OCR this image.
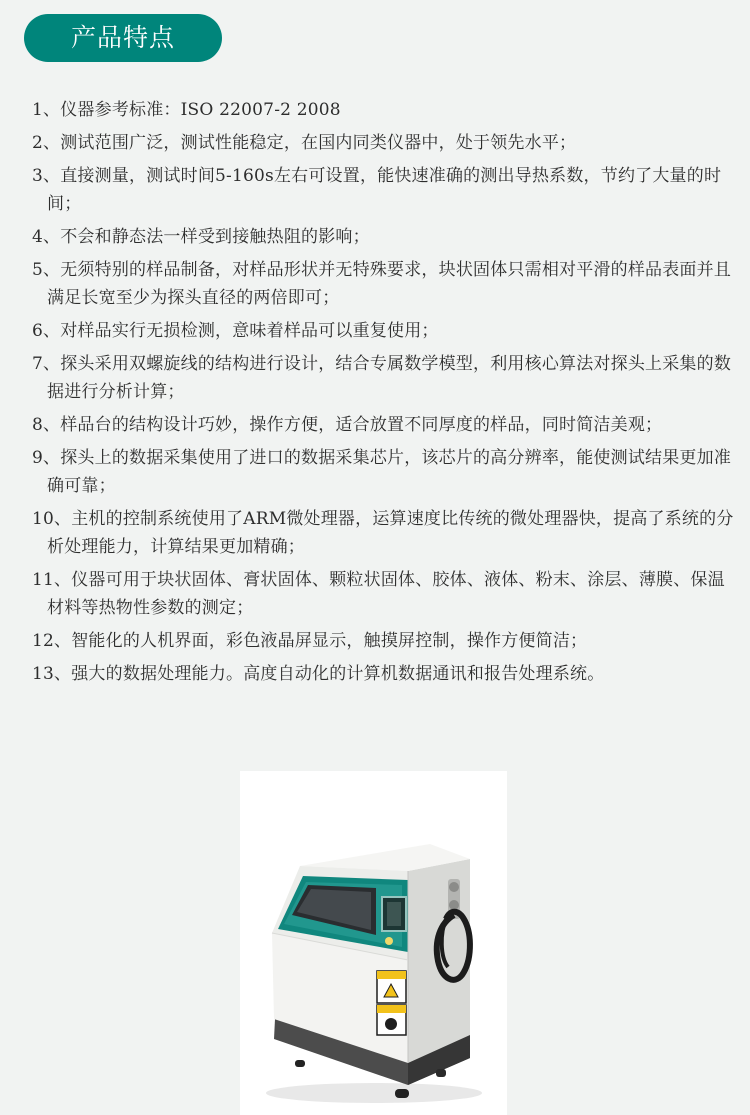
产品特点
1、仪器参考标准：ISO 22007-2 2008
2、测试范围广泛，测试性能稳定，在国内同类仪器中，处于领先水平；
3、直接测量，测试时间5-160s左右可设置，能快速准确的测出导热系数，节约了大量的时间；
4、不会和静态法一样受到接触热阻的影响；
5、无须特别的样品制备，对样品形状并无特殊要求，块状固体只需相对平滑的样品表面并且满足长宽至少为探头直径的两倍即可；
6、对样品实行无损检测，意味着样品可以重复使用；
7、探头采用双螺旋线的结构进行设计，结合专属数学模型，利用核心算法对探头上采集的数据进行分析计算；
8、样品台的结构设计巧妙，操作方便，适合放置不同厚度的样品，同时简洁美观；
9、探头上的数据采集使用了进口的数据采集芯片，该芯片的高分辨率，能使测试结果更加准确可靠；
10、主机的控制系统使用了ARM微处理器，运算速度比传统的微处理器快，提高了系统的分析处理能力，计算结果更加精确；
11、仪器可用于块状固体、膏状固体、颗粒状固体、胶体、液体、粉末、涂层、薄膜、保温材料等热物性参数的测定；
12、智能化的人机界面，彩色液晶屏显示，触摸屏控制，操作方便简洁；
13、强大的数据处理能力。高度自动化的计算机数据通讯和报告处理系统。
